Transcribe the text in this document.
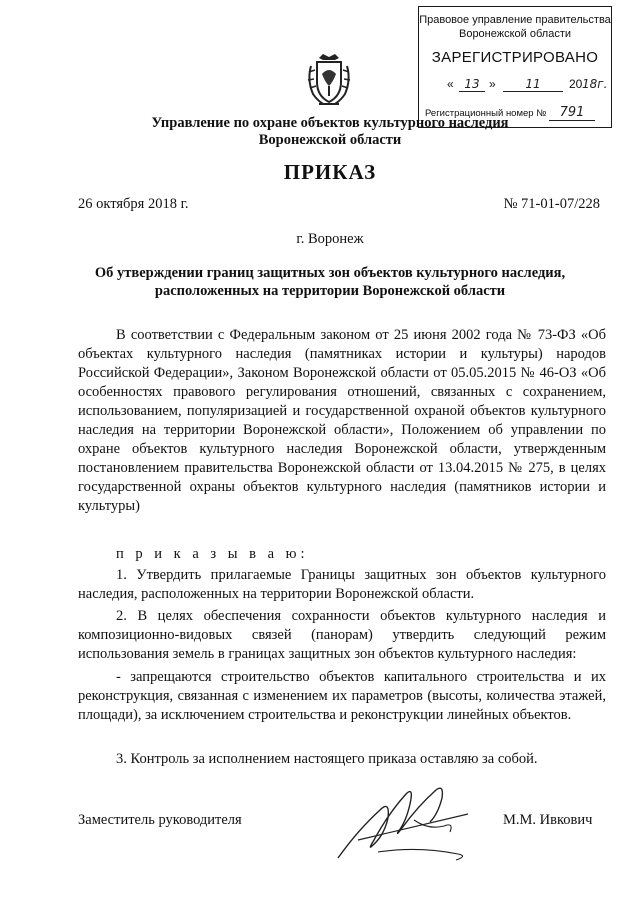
Правовое управление правительства
Воронежской области
ЗАРЕГИСТРИРОВАНО
« 13 »	11	20 18г.
Регистрационный номер № 791
Управление по охране объектов культурного наследия
Воронежской области
ПРИКАЗ
26 октября 2018 г.	№ 71-01-07/228
г. Воронеж
Об утверждении границ защитных зон объектов культурного наследия,
расположенных на территории Воронежской области
В соответствии с Федеральным законом от 25 июня 2002 года № 73-ФЗ «Об объектах культурного наследия (памятниках истории и культуры) народов Российской Федерации», Законом Воронежской области от 05.05.2015 № 46-ОЗ «Об особенностях правового регулирования отношений, связанных с сохранением, использованием, популяризацией и государственной охраной объектов культурного наследия на территории Воронежской области», Положением об управлении по охране объектов культурного наследия Воронежской области, утвержденным постановлением правительства Воронежской области от 13.04.2015 № 275, в целях государственной охраны объектов культурного наследия (памятников истории и культуры)
п р и к а з ы в а ю:
1. Утвердить прилагаемые Границы защитных зон объектов культурного наследия, расположенных на территории Воронежской области.
2. В целях обеспечения сохранности объектов культурного наследия и композиционно-видовых связей (панорам) утвердить следующий режим использования земель в границах защитных зон объектов культурного наследия:
- запрещаются строительство объектов капитального строительства и их реконструкция, связанная с изменением их параметров (высоты, количества этажей, площади), за исключением строительства и реконструкции линейных объектов.
3. Контроль за исполнением настоящего приказа оставляю за собой.
Заместитель руководителя	М.М. Ивкович
